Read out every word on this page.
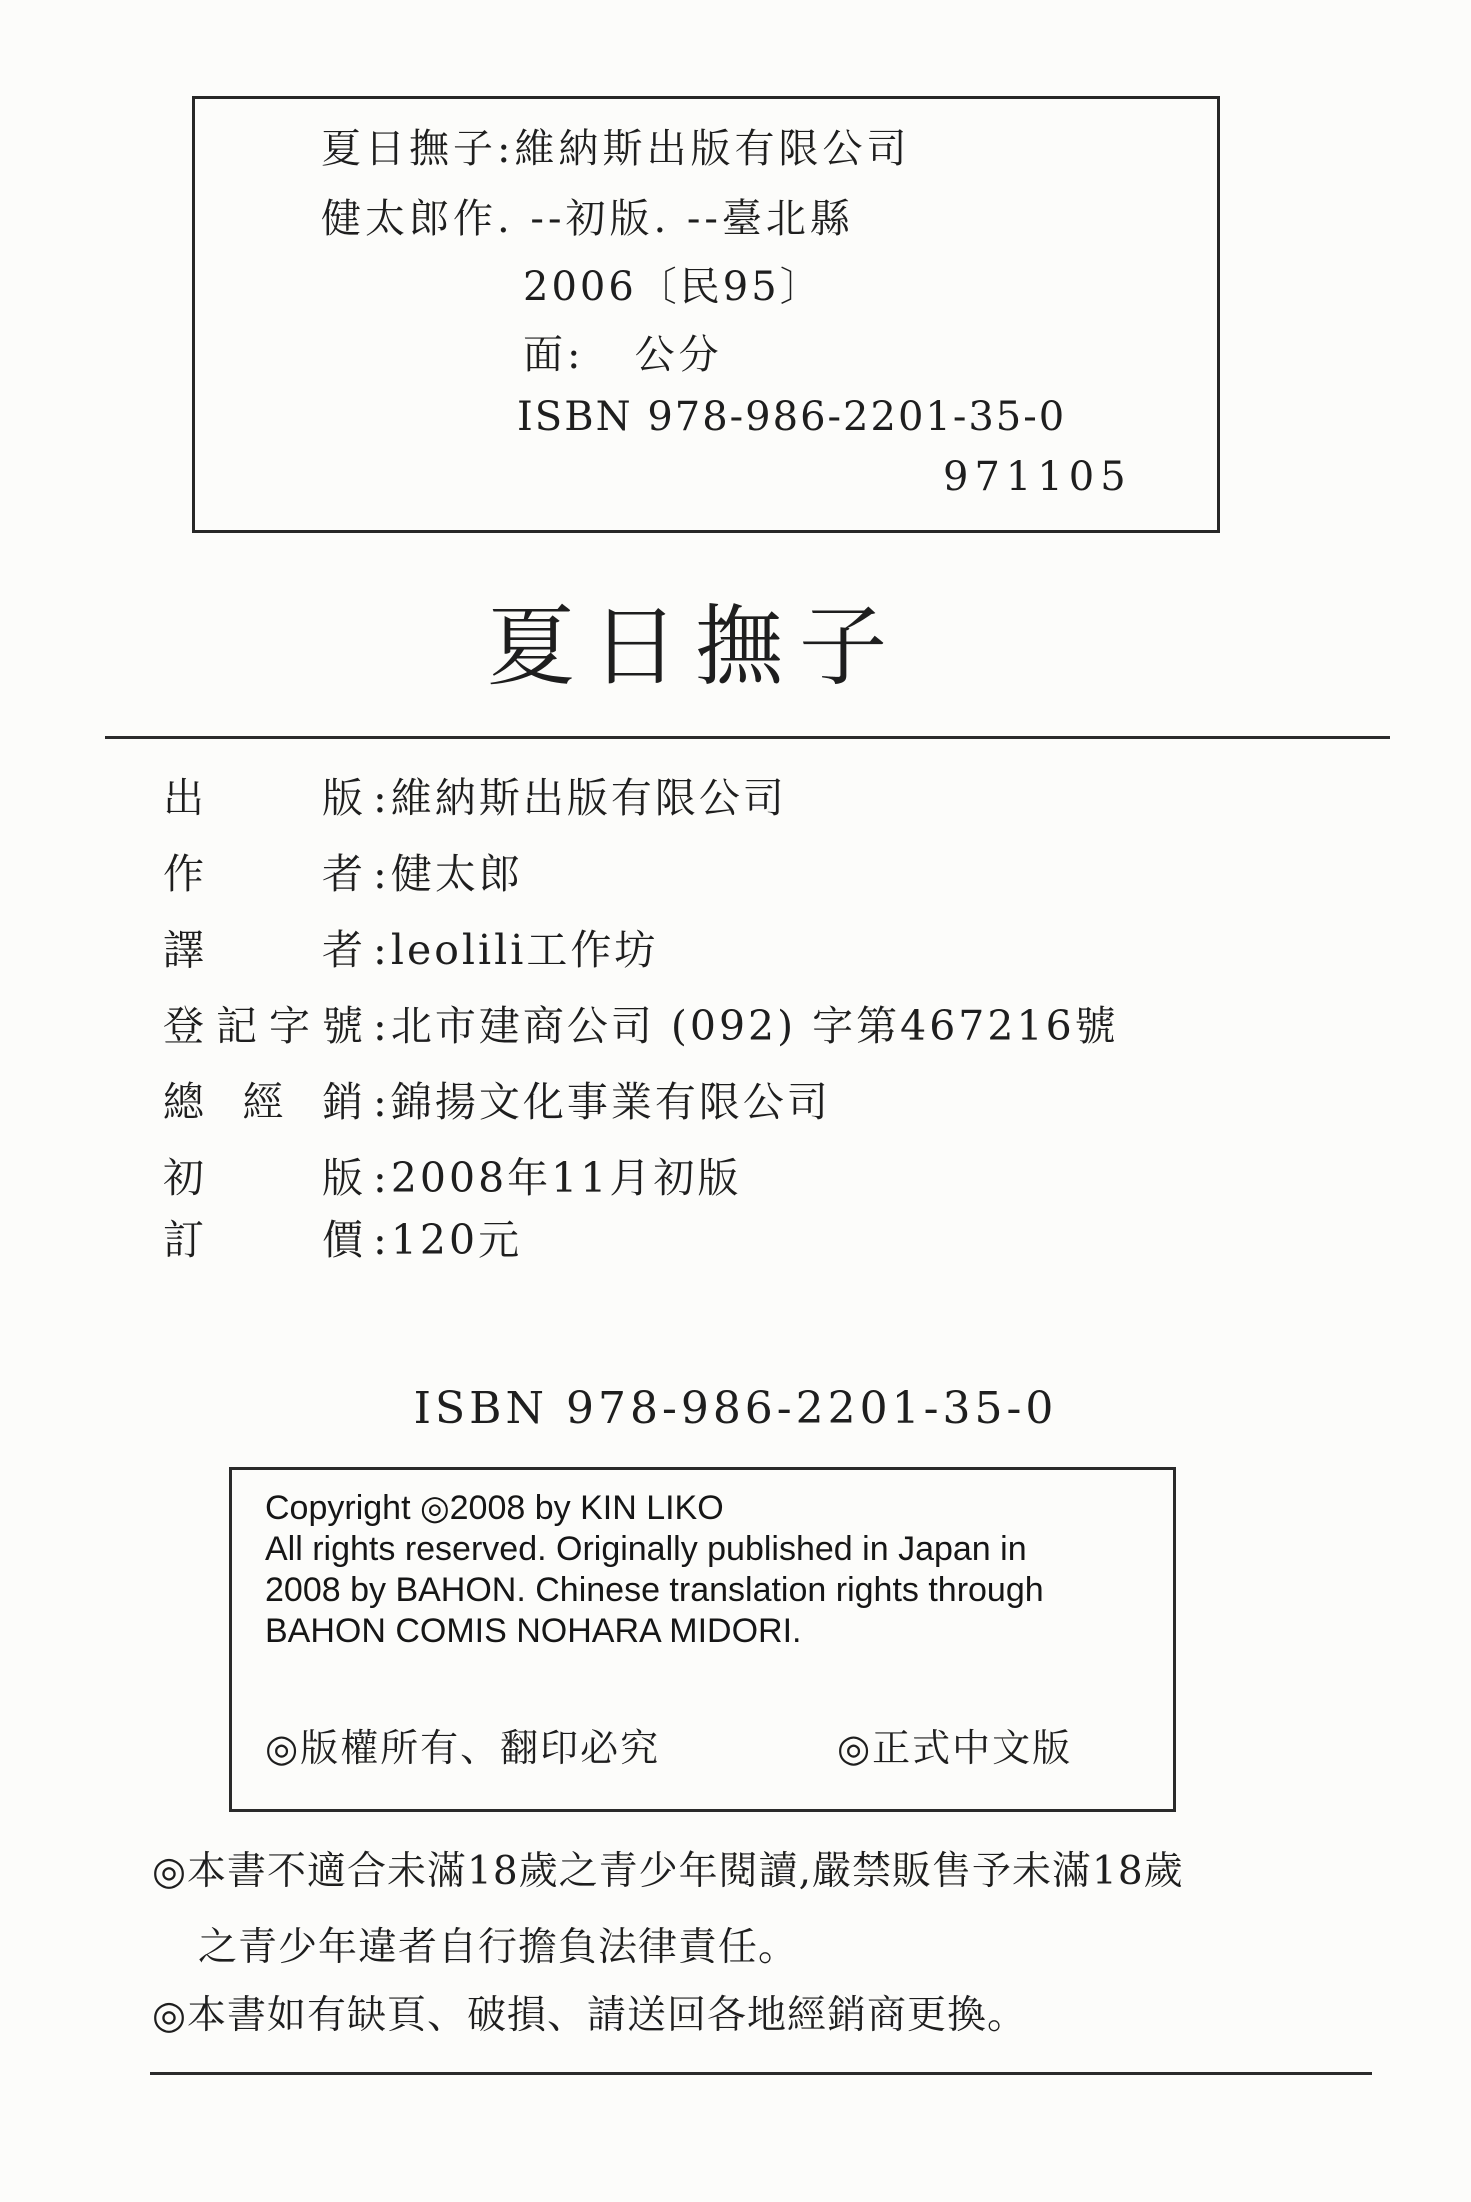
夏日撫子:維納斯出版有限公司
健太郎作. --初版. --臺北縣
2006〔民95〕
面:   公分
ISBN 978-986-2201-35-0
971105
夏日撫子
出版 :維納斯出版有限公司
作者 :健太郎
譯者 :leolili工作坊
登記字號 :北市建商公司 (092) 字第467216號
總經銷 :錦揚文化事業有限公司
初版 :2008年11月初版
訂價 :120元
ISBN 978-986-2201-35-0
Copyright ◎2008 by KIN LIKO
All rights reserved. Originally published in Japan in
2008 by BAHON. Chinese translation rights through
BAHON COMIS NOHARA MIDORI.
◎版權所有、翻印必究	◎正式中文版
◎本書不適合未滿18歲之青少年閱讀,嚴禁販售予未滿18歲
之青少年違者自行擔負法律責任。
◎本書如有缺頁、破損、請送回各地經銷商更換。
